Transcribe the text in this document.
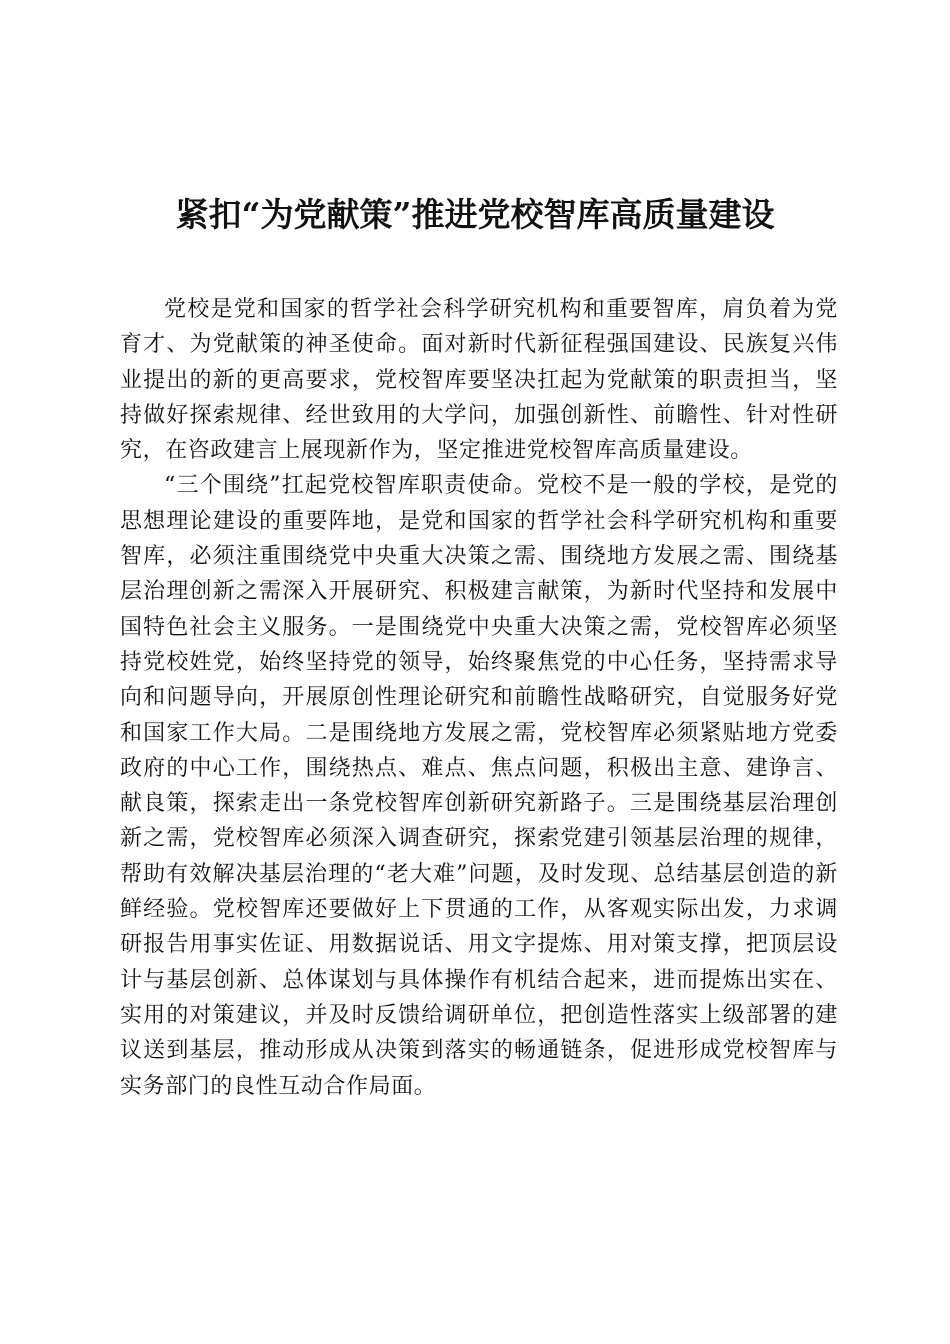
紧扣“为党献策”推进党校智库高质量建设

党校是党和国家的哲学社会科学研究机构和重要智库，肩负着为党育才、为党献策的神圣使命。面对新时代新征程强国建设、民族复兴伟业提出的新的更高要求，党校智库要坚决扛起为党献策的职责担当，坚持做好探索规律、经世致用的大学问，加强创新性、前瞻性、针对性研究，在咨政建言上展现新作为，坚定推进党校智库高质量建设。

“三个围绕”扛起党校智库职责使命。党校不是一般的学校，是党的思想理论建设的重要阵地，是党和国家的哲学社会科学研究机构和重要智库，必须注重围绕党中央重大决策之需、围绕地方发展之需、围绕基层治理创新之需深入开展研究、积极建言献策，为新时代坚持和发展中国特色社会主义服务。一是围绕党中央重大决策之需，党校智库必须坚持党校姓党，始终坚持党的领导，始终聚焦党的中心任务，坚持需求导向和问题导向，开展原创性理论研究和前瞻性战略研究，自觉服务好党和国家工作大局。二是围绕地方发展之需，党校智库必须紧贴地方党委政府的中心工作，围绕热点、难点、焦点问题，积极出主意、建诤言、献良策，探索走出一条党校智库创新研究新路子。三是围绕基层治理创新之需，党校智库必须深入调查研究，探索党建引领基层治理的规律，帮助有效解决基层治理的“老大难”问题，及时发现、总结基层创造的新鲜经验。党校智库还要做好上下贯通的工作，从客观实际出发，力求调研报告用事实佐证、用数据说话、用文字提炼、用对策支撑，把顶层设计与基层创新、总体谋划与具体操作有机结合起来，进而提炼出实在、实用的对策建议，并及时反馈给调研单位，把创造性落实上级部署的建议送到基层，推动形成从决策到落实的畅通链条，促进形成党校智库与实务部门的良性互动合作局面。
